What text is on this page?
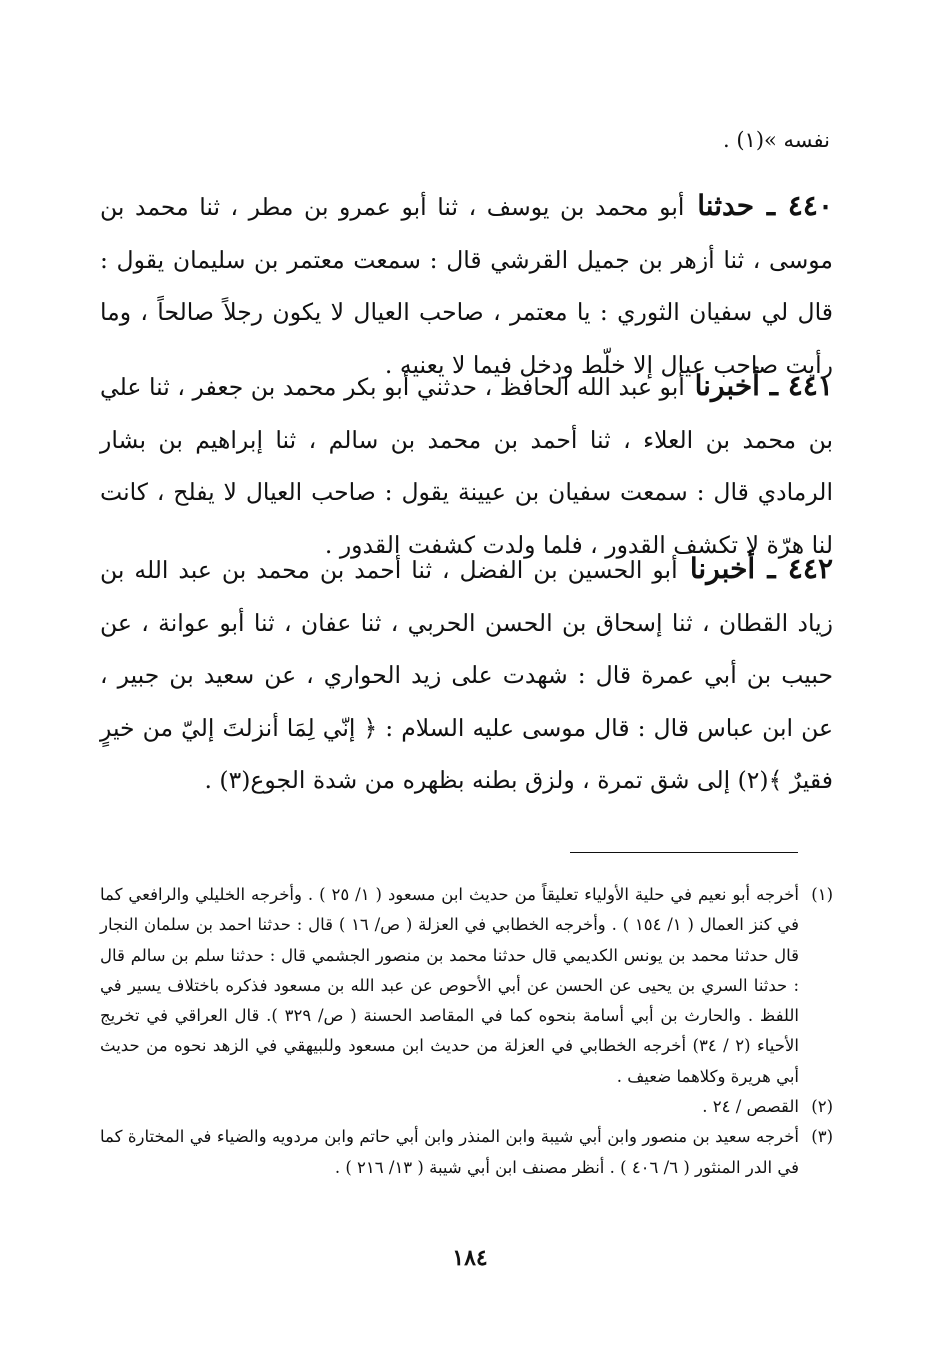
نفسه »(١) .
٤٤٠ ـ حدثنا أبو محمد بن يوسف ، ثنا أبو عمرو بن مطر ، ثنا محمد بن موسى ، ثنا أزهر بن جميل القرشي قال : سمعت معتمر بن سليمان يقول : قال لي سفيان الثوري : يا معتمر ، صاحب العيال لا يكون رجلاً صالحاً ، وما رأيت صاحب عيال إلا خلّط ودخل فيما لا يعنيه .
٤٤١ ـ أخبرنا أبو عبد الله الحافظ ، حدثني أبو بكر محمد بن جعفر ، ثنا علي بن محمد بن العلاء ، ثنا أحمد بن محمد بن سالم ، ثنا إبراهيم بن بشار الرمادي قال : سمعت سفيان بن عيينة يقول : صاحب العيال لا يفلح ، كانت لنا هرّة لا تكشف القدور ، فلما ولدت كشفت القدور .
٤٤٢ ـ أخبرنا أبو الحسين بن الفضل ، ثنا أحمد بن محمد بن عبد الله بن زياد القطان ، ثنا إسحاق بن الحسن الحربي ، ثنا عفان ، ثنا أبو عوانة ، عن حبيب بن أبي عمرة قال : شهدت على زيد الحواري ، عن سعيد بن جبير ، عن ابن عباس قال : قال موسى عليه السلام : ﴿ إنّي لِمَا أنزلتَ إليّ من خيرٍ فقيرٌ ﴾(٢) إلى شق تمرة ، ولزق بطنه بظهره من شدة الجوع(٣) .
(١)
أخرجه أبو نعيم في حلية الأولياء تعليقاً من حديث ابن مسعود ( ١/ ٢٥ ) . وأخرجه الخليلي والرافعي كما في كنز العمال ( ١/ ١٥٤ ) . وأخرجه الخطابي في العزلة ( ص/ ١٦ ) قال : حدثنا احمد بن سلمان النجار قال حدثنا محمد بن يونس الكديمي قال حدثنا محمد بن منصور الجشمي قال : حدثنا سلم بن سالم قال : حدثنا السري بن يحيى عن الحسن عن أبي الأحوص عن عبد الله بن مسعود فذكره باختلاف يسير في اللفظ . والحارث بن أبي أسامة بنحوه كما في المقاصد الحسنة ( ص/ ٣٢٩ ). قال العراقي في تخريج الأحياء (٢ / ٣٤) أخرجه الخطابي في العزلة من حديث ابن مسعود وللبيهقي في الزهد نحوه من حديث أبي هريرة وكلاهما ضعيف .
(٢)
القصص / ٢٤ .
(٣)
أخرجه سعيد بن منصور وابن أبي شيبة وابن المنذر وابن أبي حاتم وابن مردويه والضياء في المختارة كما في الدر المنثور ( ٦/ ٤٠٦ ) . أنظر مصنف ابن أبي شيبة ( ١٣/ ٢١٦ ) .
١٨٤
